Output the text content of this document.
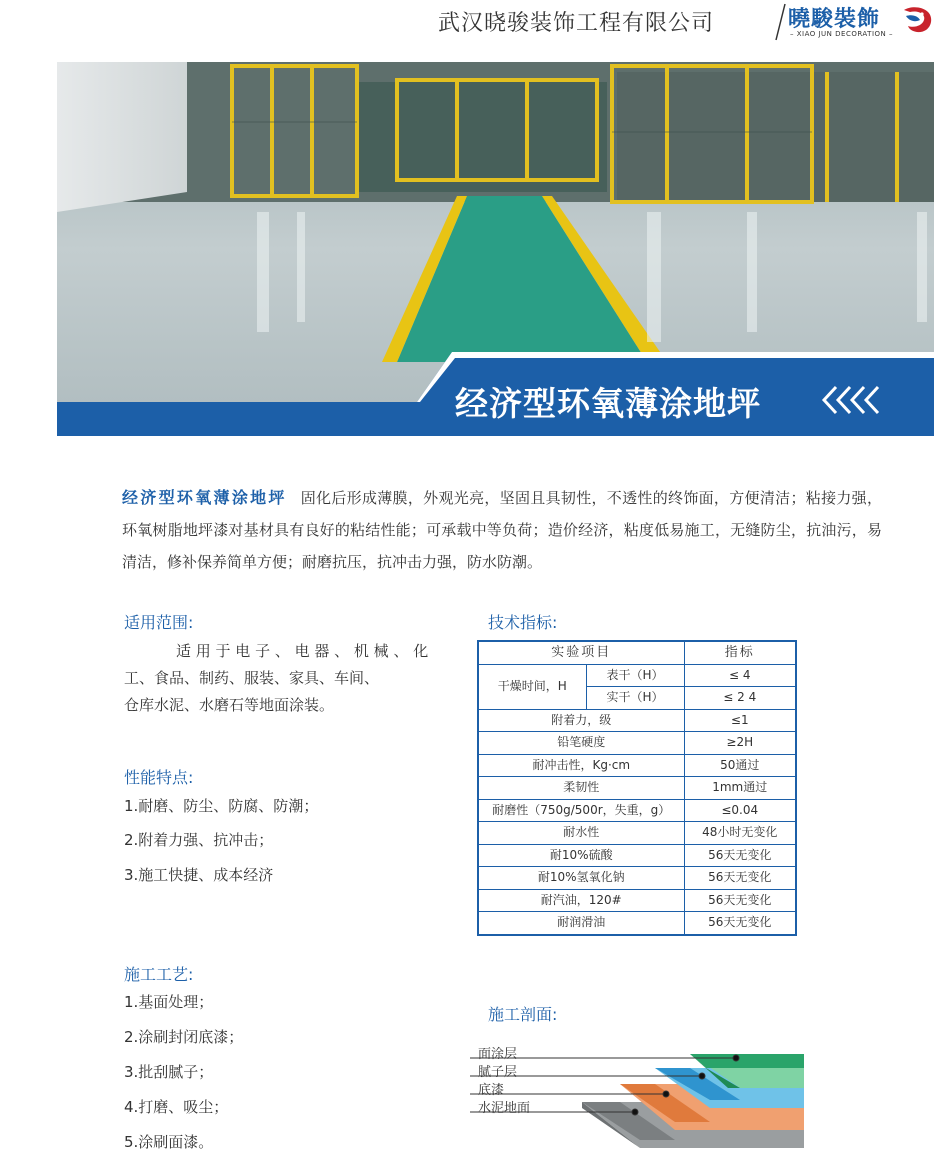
武汉晓骏装饰工程有限公司	曉駿裝飾
– XIAO JUN DECORATION –
经济型环氧薄涂地坪
经济型环氧薄涂地坪 固化后形成薄膜，外观光亮，坚固且具韧性，不透性的终饰面，方便清洁；粘接力强，环氧树脂地坪漆对基材具有良好的粘结性能；可承载中等负荷；造价经济，粘度低易施工，无缝防尘，抗油污，易清洁，修补保养简单方便；耐磨抗压，抗冲击力强，防水防潮。
适用范围:
适 用 于 电 子 、 电 器 、 机 械 、 化
工、食品、制药、服装、家具、车间、
仓库水泥、水磨石等地面涂装。
性能特点:
1.耐磨、防尘、防腐、防潮；
2.附着力强、抗冲击；
3.施工快捷、成本经济
施工工艺:
1.基面处理；
2.涂刷封闭底漆；
3.批刮腻子；
4.打磨、吸尘；
5.涂刷面漆。
技术指标:
实验项目		指标
干燥时间，H	表干（H）	≤ 4
	实干（H）	≤ 2 4
附着力，级		≤1
铅笔硬度		≥2H
耐冲击性，Kg·cm		50通过
柔韧性		1mm通过
耐磨性（750g/500r，失重，g）		≤0.04
耐水性		48小时无变化
耐10%硫酸		56天无变化
耐10%氢氧化钠		56天无变化
耐汽油，120#		56天无变化
耐润滑油		56天无变化
施工剖面:
面涂层
腻子层
底漆
水泥地面
